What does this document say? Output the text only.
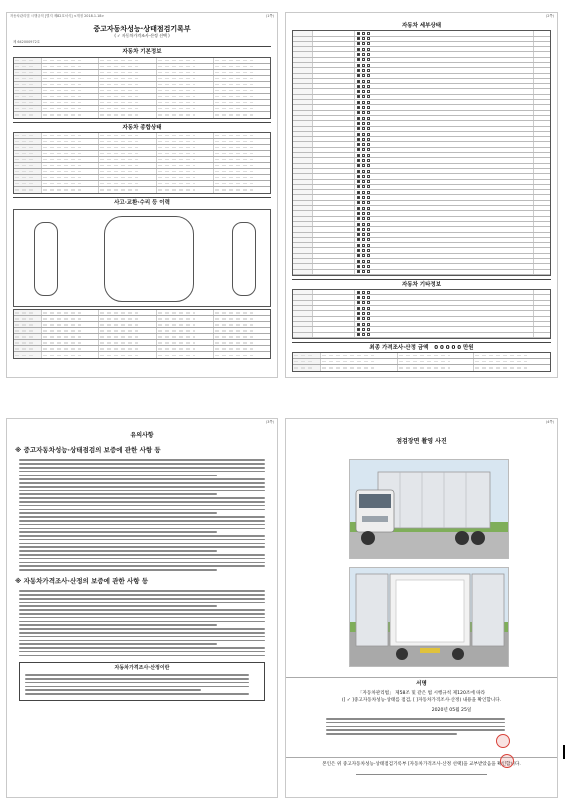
자동차관리법 시행규칙 [별지 제82호서식] <개정 2018.1.18>	(1쪽)
중고자동차성능·상태점검기록부
( ✓ 자동차가격조사·산정 선택 )
제 642000972호
자동차 기본정보
자동차 종합상태
사고·교환·수리 등 이력
(2쪽)
자동차 세부상태
자동차 기타정보
최종 가격조사·산정 금액 0 0 0 0 0 만원
(3쪽)
유의사항
※ 중고자동차성능·상태점검의 보증에 관한 사항 등
※ 자동차가격조사·산정의 보증에 관한 사항 등
자동차가격조사·산정이란
(4쪽)
점검장면 촬영 사진
서명
「자동차관리법」 제58조 및 같은 법 시행규칙 제120조에 따라
([ ✓ ]중고자동차성능·상태를 점검, [ ]자동차가격조사·산정) 내용을 확인합니다.
2020년 05월 25일
본인은 위 중고자동차성능·상태점검기록부 [자동차가격조사·산정 선택]을 교부받았음을 확인합니다.
